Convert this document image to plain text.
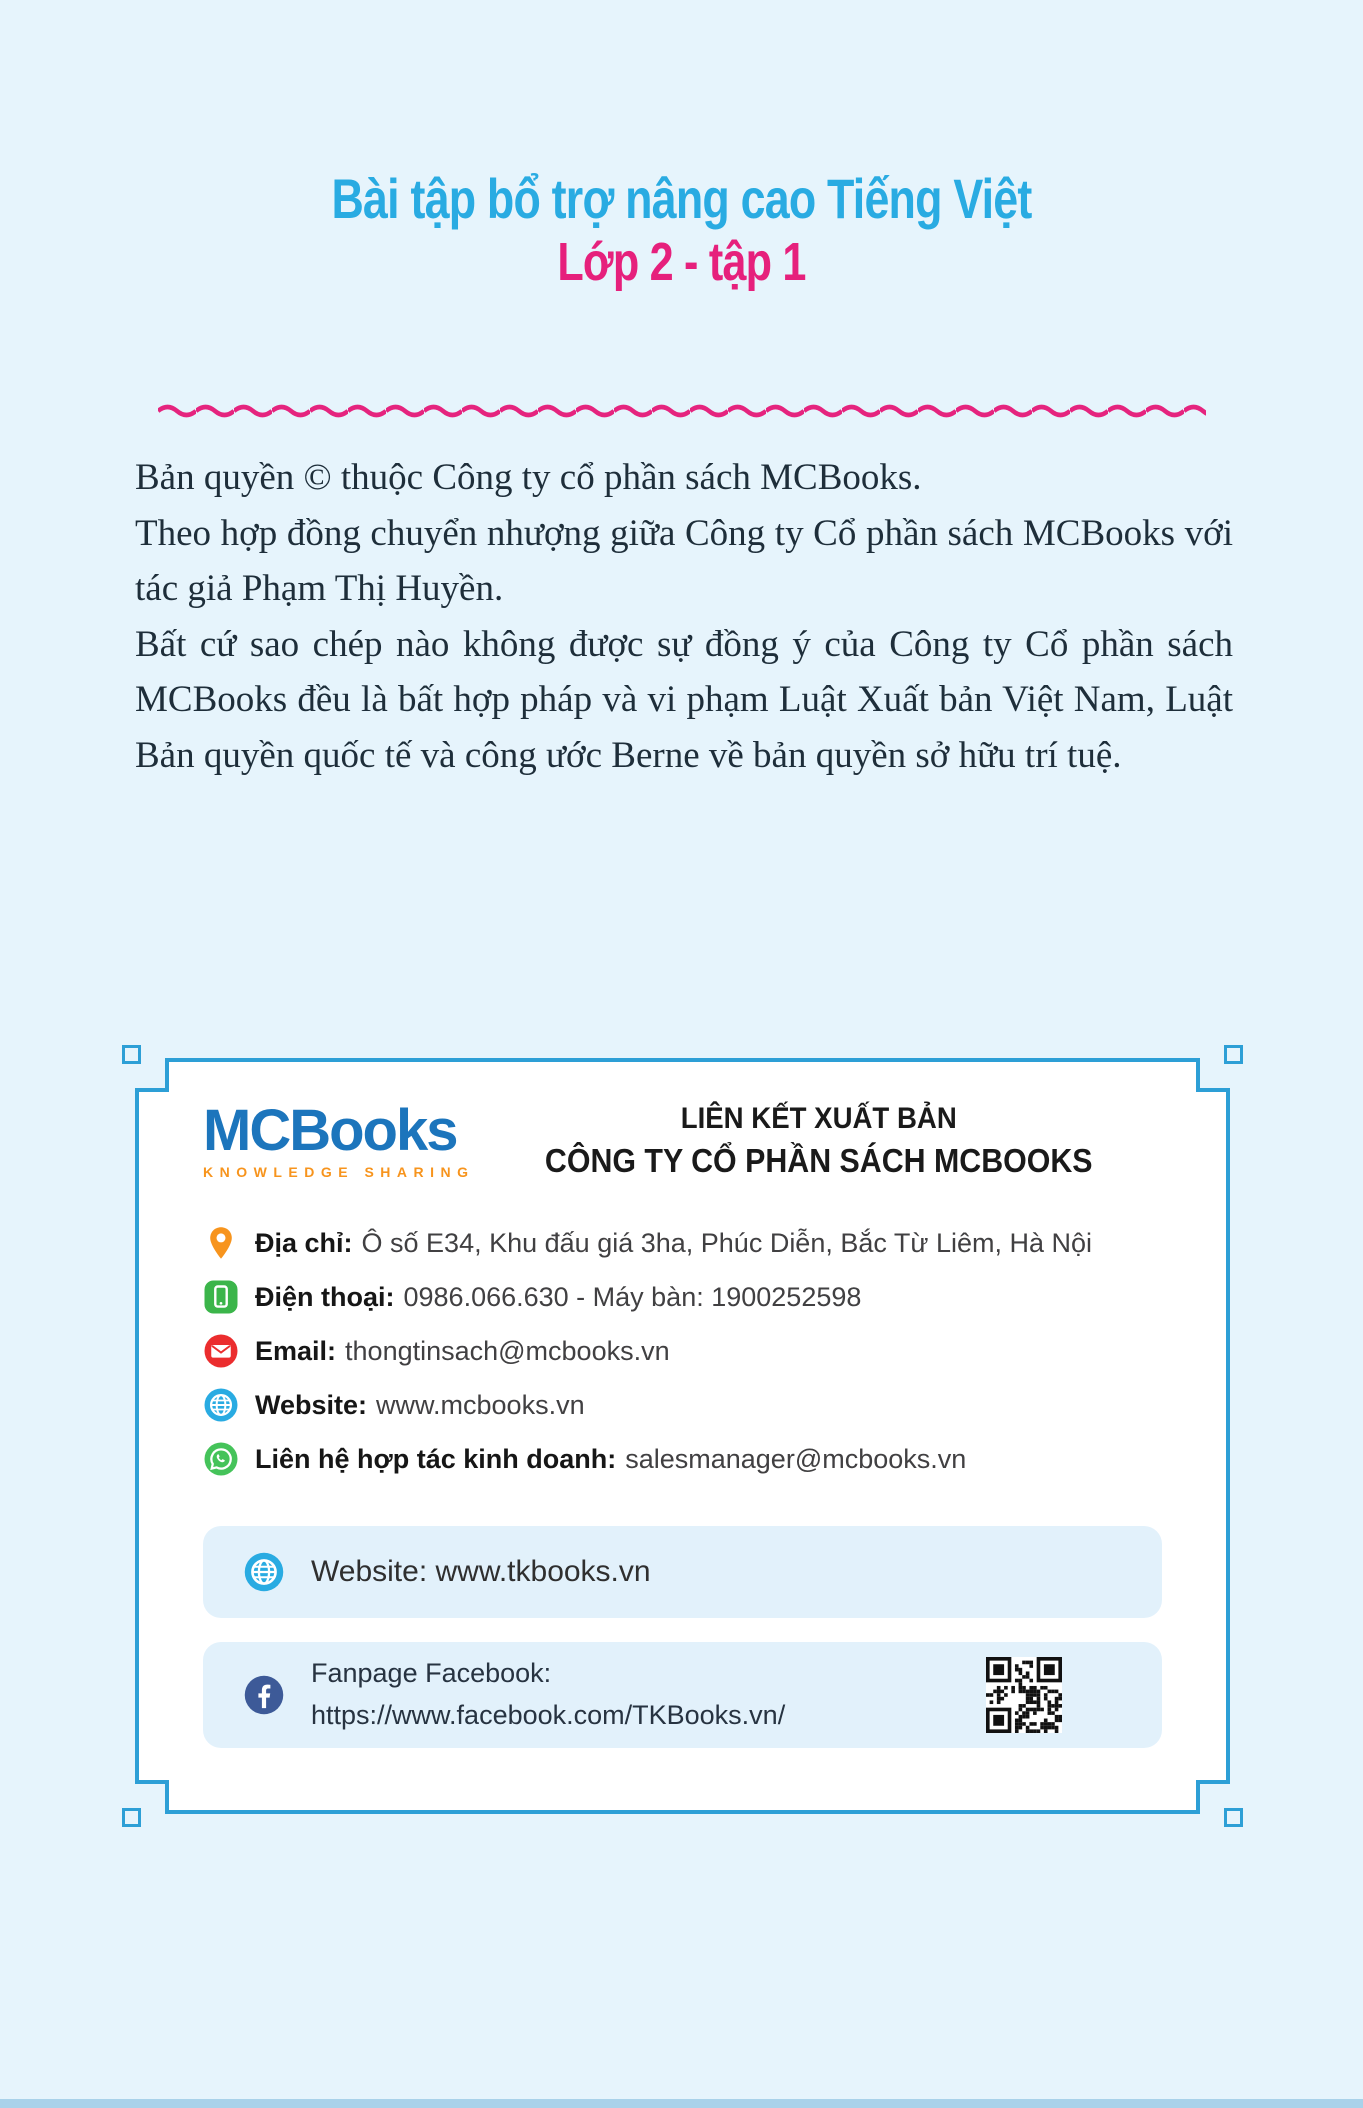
Bài tập bổ trợ nâng cao Tiếng Việt
Lớp 2 - tập 1

Bản quyền © thuộc Công ty cổ phần sách MCBooks.

Theo hợp đồng chuyển nhượng giữa Công ty Cổ phần sách MCBooks với tác giả Phạm Thị Huyền.

Bất cứ sao chép nào không được sự đồng ý của Công ty Cổ phần sách MCBooks đều là bất hợp pháp và vi phạm Luật Xuất bản Việt Nam, Luật Bản quyền quốc tế và công ước Berne về bản quyền sở hữu trí tuệ.

MCBooks
KNOWLEDGE SHARING
LIÊN KẾT XUẤT BẢN
CÔNG TY CỔ PHẦN SÁCH MCBOOKS
Địa chỉ: Ô số E34, Khu đấu giá 3ha, Phúc Diễn, Bắc Từ Liêm, Hà Nội
Điện thoại: 0986.066.630 - Máy bàn: 1900252598
Email: thongtinsach@mcbooks.vn
Website: www.mcbooks.vn
Liên hệ hợp tác kinh doanh: salesmanager@mcbooks.vn
Website: www.tkbooks.vn
Fanpage Facebook:
https://www.facebook.com/TKBooks.vn/
